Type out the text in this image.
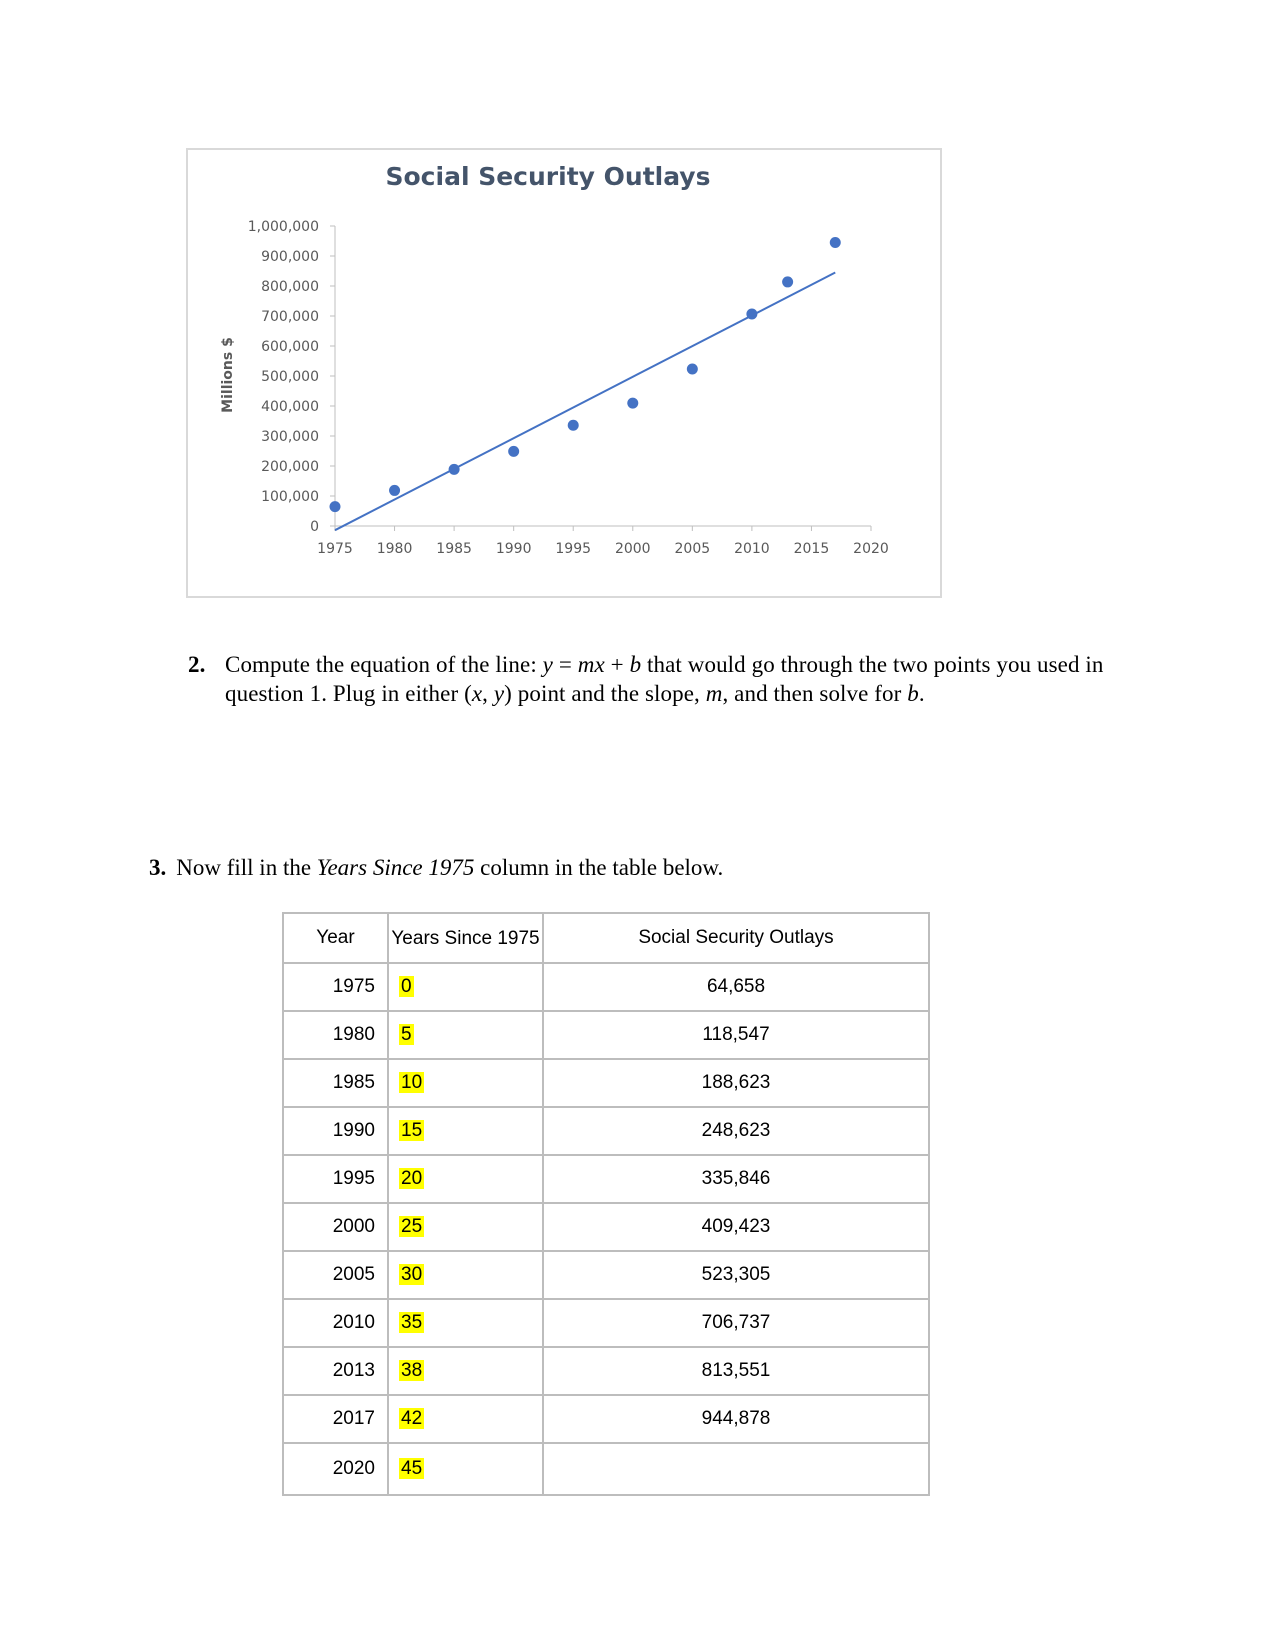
Social Security Outlays
Millions $
0
100,000
200,000
300,000
400,000
500,000
600,000
700,000
800,000
900,000
1,000,000
1975 1980 1985 1990 1995 2000 2005 2010 2015 2020
2. Compute the equation of the line: y = mx + b that would go through the two points you used in question 1. Plug in either (x, y) point and the slope, m, and then solve for b.
3. Now fill in the Years Since 1975 column in the table below.
Year	Years Since 1975	Social Security Outlays
1975	0	64,658
1980	5	118,547
1985	10	188,623
1990	15	248,623
1995	20	335,846
2000	25	409,423
2005	30	523,305
2010	35	706,737
2013	38	813,551
2017	42	944,878
2020	45	
